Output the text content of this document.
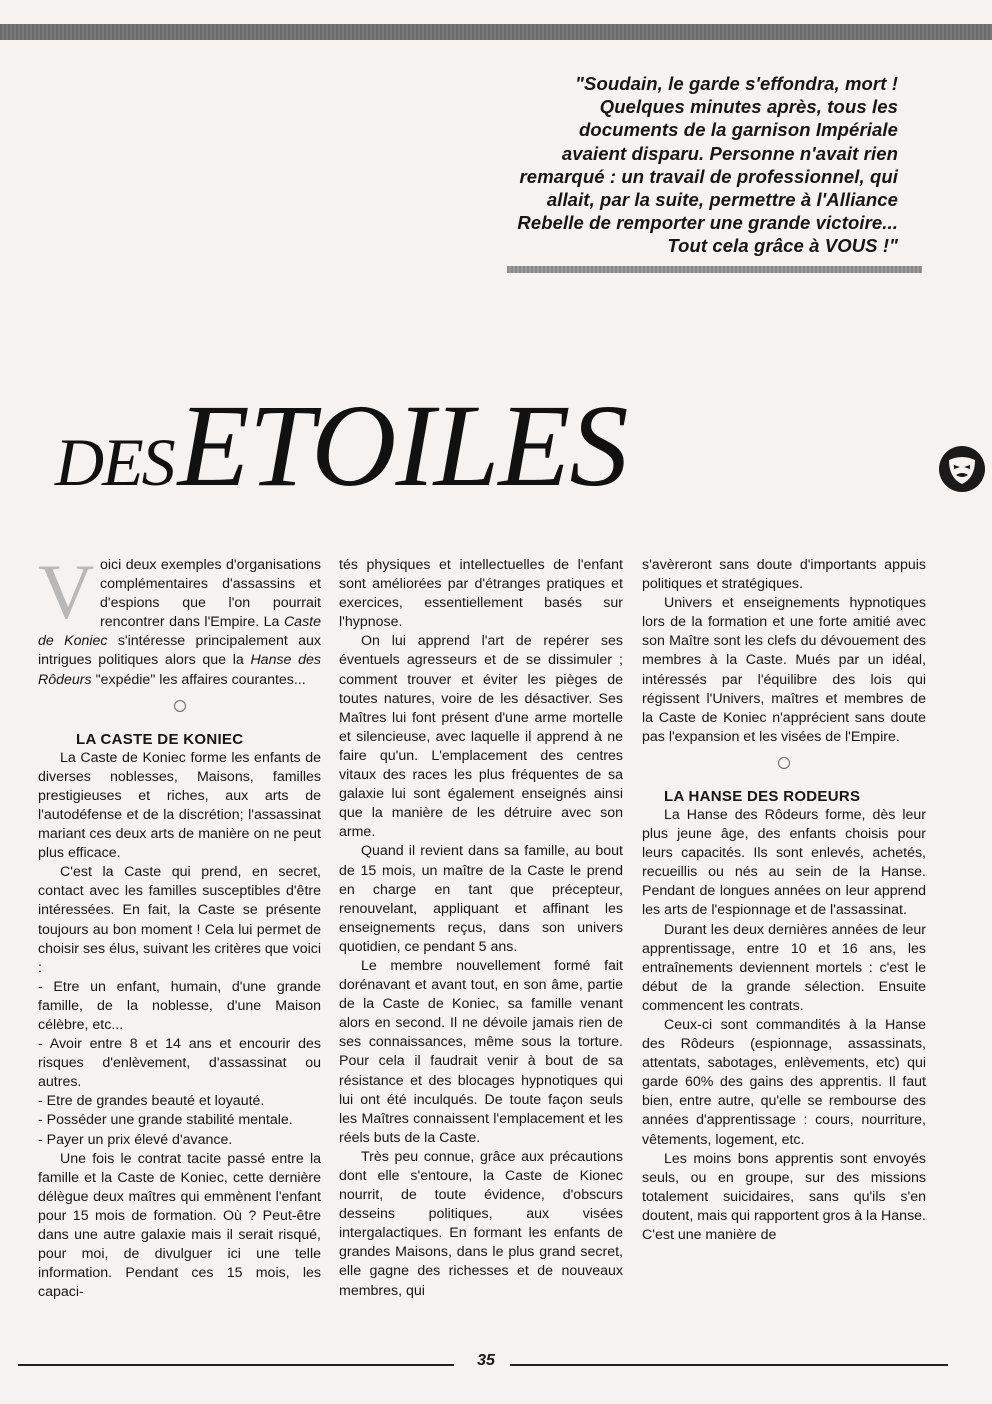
"Soudain, le garde s'effondra, mort !
Quelques minutes après, tous les
documents de la garnison Impériale
avaient disparu. Personne n'avait rien
remarqué : un travail de professionnel, qui
allait, par la suite, permettre à l'Alliance
Rebelle de remporter une grande victoire...
Tout cela grâce à VOUS !"
DES ETOILES
V oici deux exemples d'organisations complémentaires d'assassins et d'espions que l'on pourrait rencontrer dans l'Empire. La Caste de Koniec s'intéresse principalement aux intrigues politiques alors que la Hanse des Rôdeurs "expédie" les affaires courantes...

LA CASTE DE KONIEC

La Caste de Koniec forme les enfants de diverses noblesses, Maisons, familles prestigieuses et riches, aux arts de l'autodéfense et de la discrétion; l'assassinat mariant ces deux arts de manière on ne peut plus efficace.

C'est la Caste qui prend, en secret, contact avec les familles susceptibles d'être intéressées. En fait, la Caste se présente toujours au bon moment ! Cela lui permet de choisir ses élus, suivant les critères que voici :

- Etre un enfant, humain, d'une grande famille, de la noblesse, d'une Maison célèbre, etc...

- Avoir entre 8 et 14 ans et encourir des risques d'enlèvement, d'assassinat ou autres.

- Etre de grandes beauté et loyauté.

- Posséder une grande stabilité mentale.

- Payer un prix élevé d'avance.

Une fois le contrat tacite passé entre la famille et la Caste de Koniec, cette dernière délègue deux maîtres qui emmènent l'enfant pour 15 mois de formation. Où ? Peut-être dans une autre galaxie mais il serait risqué, pour moi, de divulguer ici une telle information. Pendant ces 15 mois, les capaci-

tés physiques et intellectuelles de l'enfant sont améliorées par d'étranges pratiques et exercices, essentiellement basés sur l'hypnose.

On lui apprend l'art de repérer ses éventuels agresseurs et de se dissimuler ; comment trouver et éviter les pièges de toutes natures, voire de les désactiver. Ses Maîtres lui font présent d'une arme mortelle et silencieuse, avec laquelle il apprend à ne faire qu'un. L'emplacement des centres vitaux des races les plus fréquentes de sa galaxie lui sont également enseignés ainsi que la manière de les détruire avec son arme.

Quand il revient dans sa famille, au bout de 15 mois, un maître de la Caste le prend en charge en tant que précepteur, renouvelant, appliquant et affinant les enseignements reçus, dans son univers quotidien, ce pendant 5 ans.

Le membre nouvellement formé fait dorénavant et avant tout, en son âme, partie de la Caste de Koniec, sa famille venant alors en second. Il ne dévoile jamais rien de ses connaissances, même sous la torture. Pour cela il faudrait venir à bout de sa résistance et des blocages hypnotiques qui lui ont été inculqués. De toute façon seuls les Maîtres connaissent l'emplacement et les réels buts de la Caste.

Très peu connue, grâce aux précautions dont elle s'entoure, la Caste de Kionec nourrit, de toute évidence, d'obscurs desseins politiques, aux visées intergalactiques. En formant les enfants de grandes Maisons, dans le plus grand secret, elle gagne des richesses et de nouveaux membres, qui

s'avèreront sans doute d'importants appuis politiques et stratégiques.

Univers et enseignements hypnotiques lors de la formation et une forte amitié avec son Maître sont les clefs du dévouement des membres à la Caste. Mués par un idéal, intéressés par l'équilibre des lois qui régissent l'Univers, maîtres et membres de la Caste de Koniec n'apprécient sans doute pas l'expansion et les visées de l'Empire.

LA HANSE DES RODEURS

La Hanse des Rôdeurs forme, dès leur plus jeune âge, des enfants choisis pour leurs capacités. Ils sont enlevés, achetés, recueillis ou nés au sein de la Hanse. Pendant de longues années on leur apprend les arts de l'espionnage et de l'assassinat.

Durant les deux dernières années de leur apprentissage, entre 10 et 16 ans, les entraînements deviennent mortels : c'est le début de la grande sélection. Ensuite commencent les contrats.

Ceux-ci sont commandités à la Hanse des Rôdeurs (espionnage, assassinats, attentats, sabotages, enlèvements, etc) qui garde 60% des gains des apprentis. Il faut bien, entre autre, qu'elle se rembourse des années d'apprentissage : cours, nourriture, vêtements, logement, etc.

Les moins bons apprentis sont envoyés seuls, ou en groupe, sur des missions totalement suicidaires, sans qu'ils s'en doutent, mais qui rapportent gros à la Hanse. C'est une manière de

35
